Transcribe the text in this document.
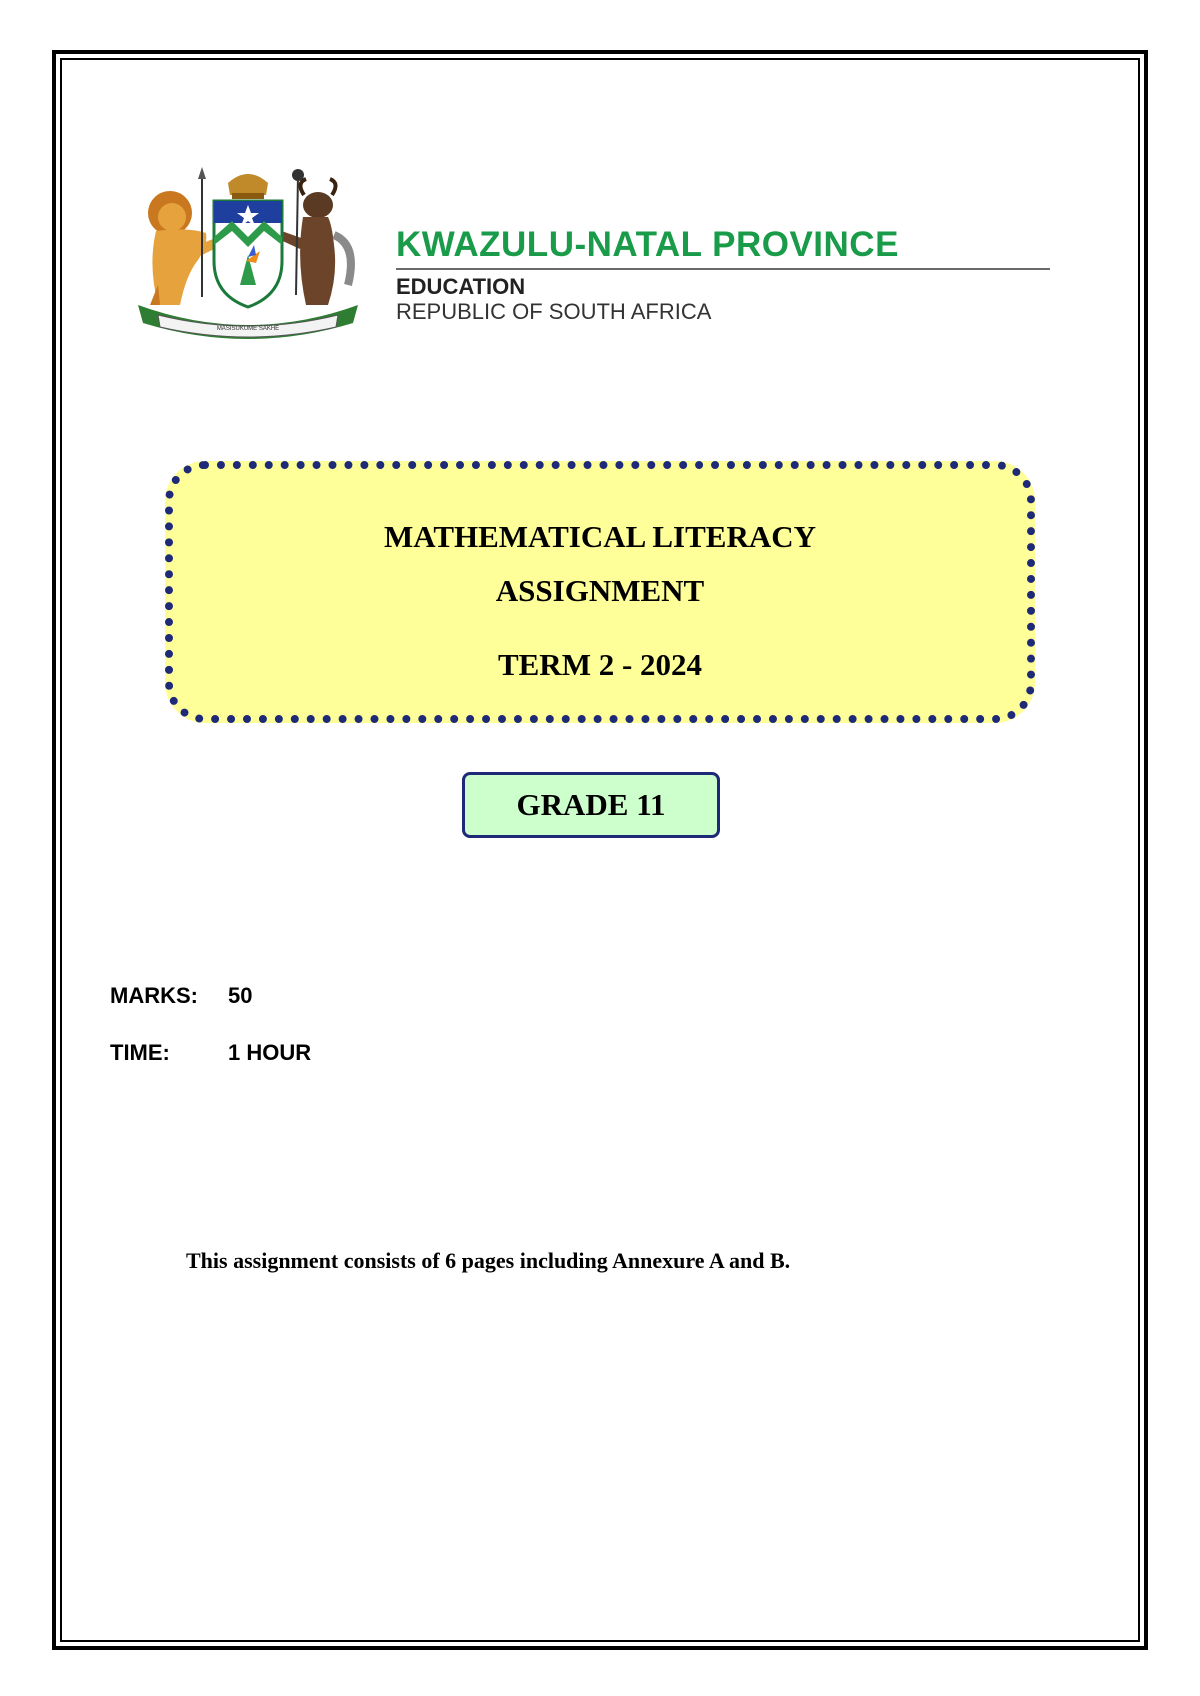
MASISUKUME SAKHE
KWAZULU-NATAL PROVINCE
EDUCATION
REPUBLIC OF SOUTH AFRICA
MATHEMATICAL LITERACY
ASSIGNMENT
TERM 2 - 2024
GRADE 11
MARKS: 50
TIME:	1 HOUR
This assignment consists of 6 pages including Annexure A and B.
